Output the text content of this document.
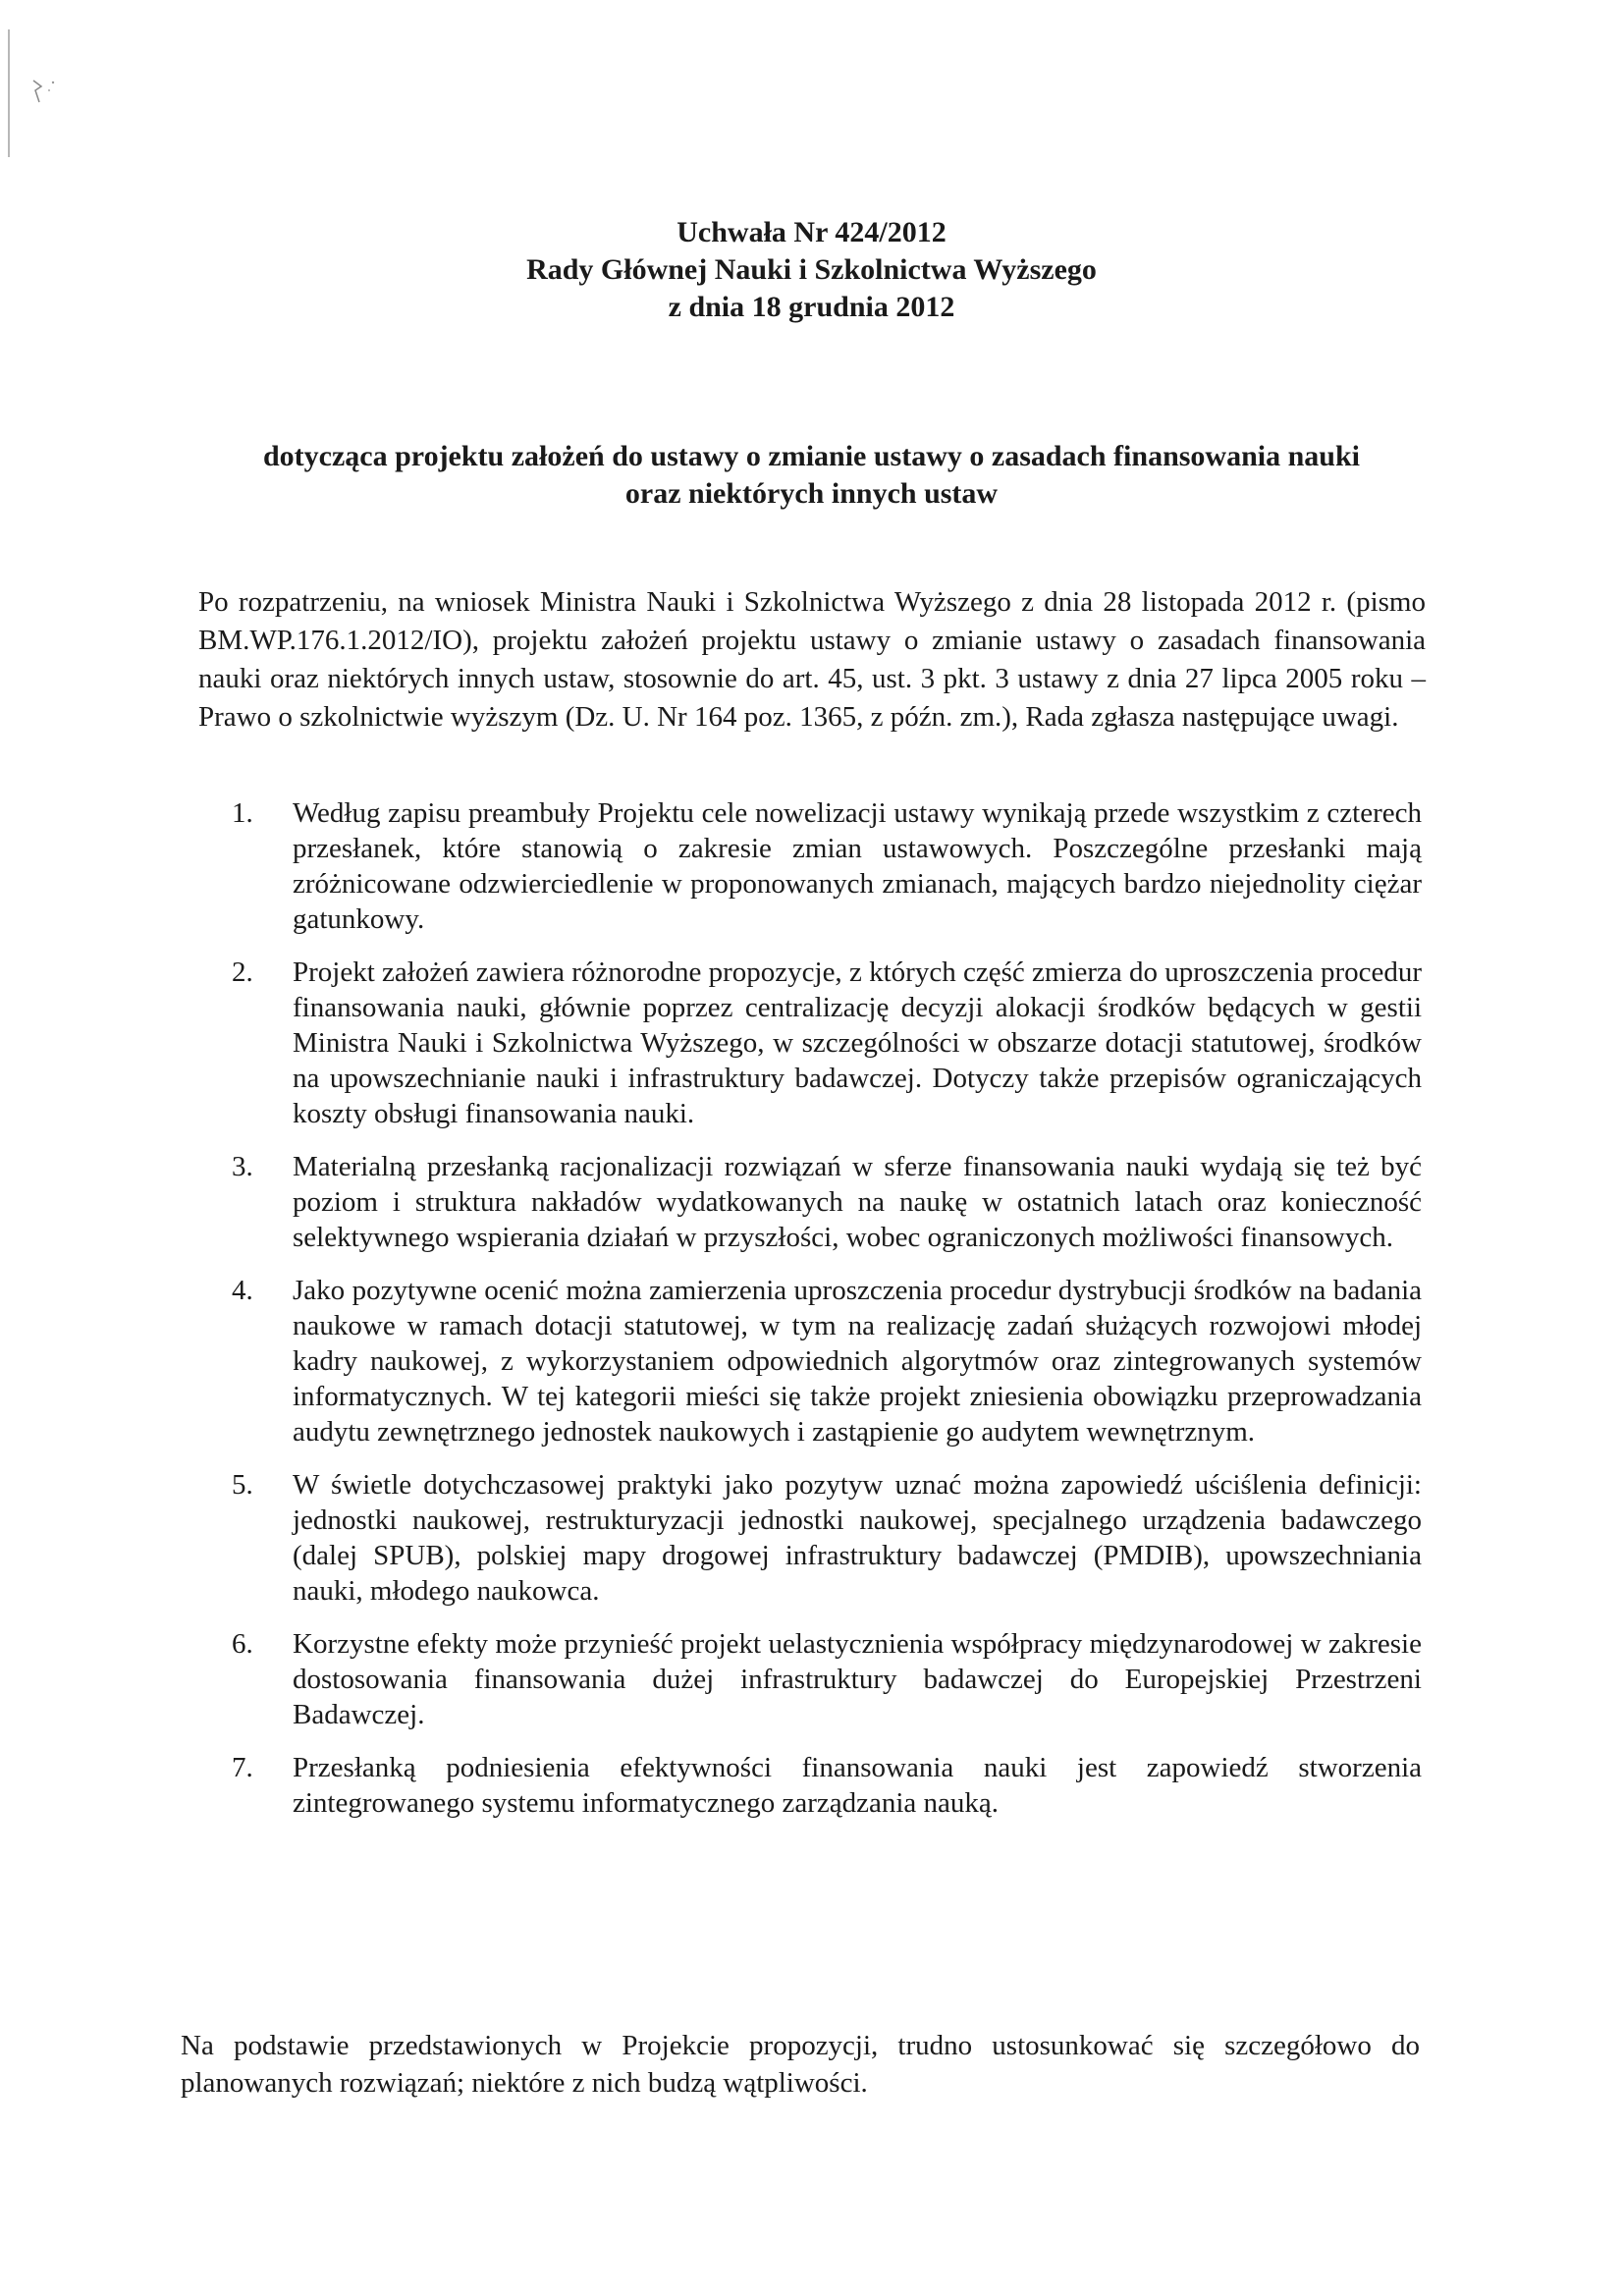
Uchwała Nr 424/2012
Rady Głównej Nauki i Szkolnictwa Wyższego
z dnia 18 grudnia 2012
dotycząca projektu założeń do ustawy o zmianie ustawy o zasadach finansowania nauki
oraz niektórych innych ustaw

Po rozpatrzeniu, na wniosek Ministra Nauki i Szkolnictwa Wyższego z dnia 28 listopada 2012 r. (pismo BM.WP.176.1.2012/IO), projektu założeń projektu ustawy o zmianie ustawy o zasadach finansowania nauki oraz niektórych innych ustaw, stosownie do art. 45, ust. 3 pkt. 3 ustawy z dnia 27 lipca 2005 roku – Prawo o szkolnictwie wyższym (Dz. U. Nr 164 poz. 1365, z późn. zm.), Rada zgłasza następujące uwagi.

1. Według zapisu preambuły Projektu cele nowelizacji ustawy wynikają przede wszystkim z czterech przesłanek, które stanowią o zakresie zmian ustawowych. Poszczególne przesłanki mają zróżnicowane odzwierciedlenie w proponowanych zmianach, mających bardzo niejednolity ciężar gatunkowy.
2. Projekt założeń zawiera różnorodne propozycje, z których część zmierza do uproszczenia procedur finansowania nauki, głównie poprzez centralizację decyzji alokacji środków będących w gestii Ministra Nauki i Szkolnictwa Wyższego, w szczególności w obszarze dotacji statutowej, środków na upowszechnianie nauki i infrastruktury badawczej. Dotyczy także przepisów ograniczających koszty obsługi finansowania nauki.
3. Materialną przesłanką racjonalizacji rozwiązań w sferze finansowania nauki wydają się też być poziom i struktura nakładów wydatkowanych na naukę w ostatnich latach oraz konieczność selektywnego wspierania działań w przyszłości, wobec ograniczonych możliwości finansowych.
4. Jako pozytywne ocenić można zamierzenia uproszczenia procedur dystrybucji środków na badania naukowe w ramach dotacji statutowej, w tym na realizację zadań służących rozwojowi młodej kadry naukowej, z wykorzystaniem odpowiednich algorytmów oraz zintegrowanych systemów informatycznych. W tej kategorii mieści się także projekt zniesienia obowiązku przeprowadzania audytu zewnętrznego jednostek naukowych i zastąpienie go audytem wewnętrznym.
5. W świetle dotychczasowej praktyki jako pozytyw uznać można zapowiedź uściślenia definicji: jednostki naukowej, restrukturyzacji jednostki naukowej, specjalnego urządzenia badawczego (dalej SPUB), polskiej mapy drogowej infrastruktury badawczej (PMDIB), upowszechniania nauki, młodego naukowca.
6. Korzystne efekty może przynieść projekt uelastycznienia współpracy międzynarodowej w zakresie dostosowania finansowania dużej infrastruktury badawczej do Europejskiej Przestrzeni Badawczej.
7. Przesłanką podniesienia efektywności finansowania nauki jest zapowiedź stworzenia zintegrowanego systemu informatycznego zarządzania nauką.

Na podstawie przedstawionych w Projekcie propozycji, trudno ustosunkować się szczegółowo do planowanych rozwiązań; niektóre z nich budzą wątpliwości.
